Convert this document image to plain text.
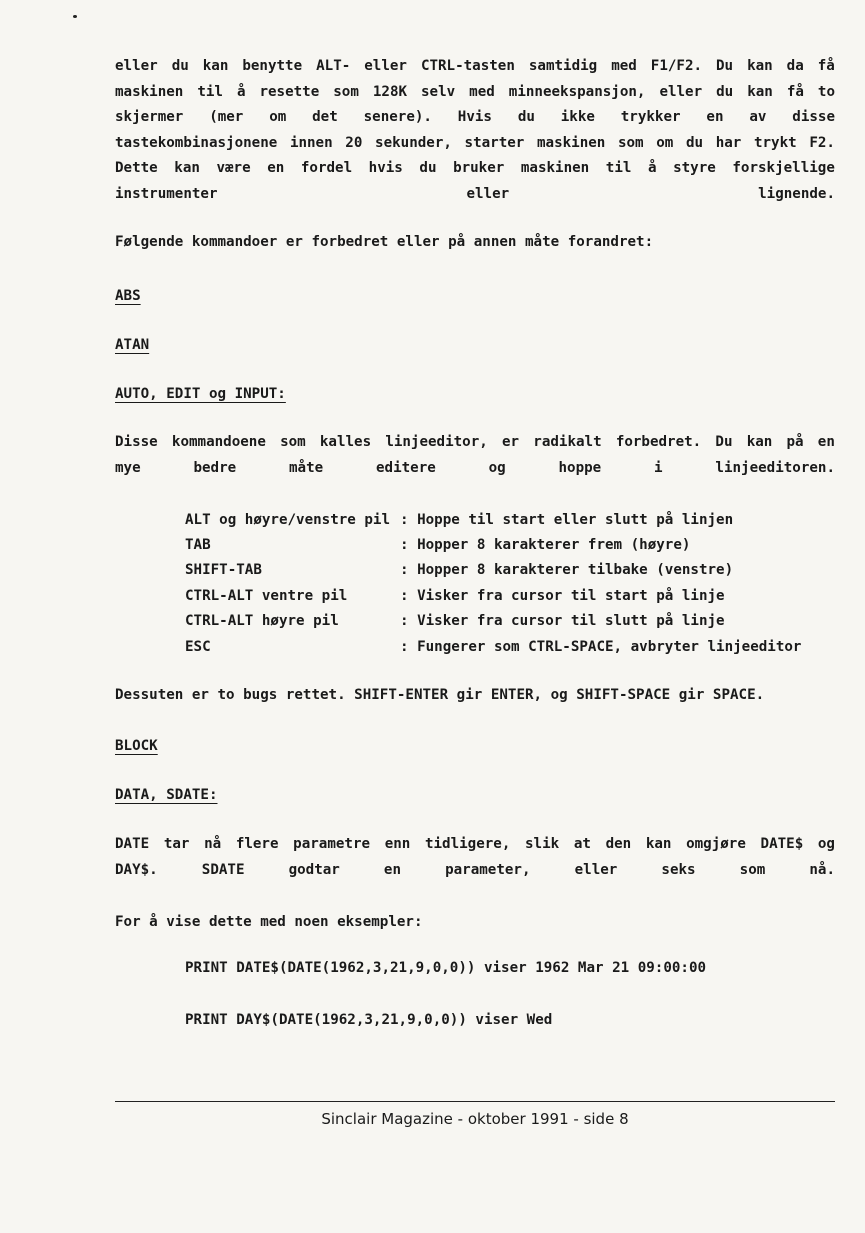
eller du kan benytte ALT- eller CTRL-tasten samtidig med F1/F2. Du kan da få
maskinen til å resette som 128K selv med minneekspansjon, eller du kan få to
skjermer (mer om det senere). Hvis du ikke trykker en av disse
tastekombinasjonene innen 20 sekunder, starter maskinen som om du har trykt F2.
Dette kan være en fordel hvis du bruker maskinen til å styre forskjellige
instrumenter eller lignende.

Følgende kommandoer er forbedret eller på annen måte forandret:

ABS

ATAN

AUTO, EDIT og INPUT:

Disse kommandoene som kalles linjeeditor, er radikalt forbedret. Du kan på en
mye bedre måte editere og hoppe i linjeeditoren.
ALT og høyre/venstre pil	: Hoppe til start eller slutt på linjen
TAB	: Hopper 8 karakterer frem (høyre)
SHIFT-TAB	: Hopper 8 karakterer tilbake (venstre)
CTRL-ALT ventre pil	: Visker fra cursor til start på linje
CTRL-ALT høyre pil	: Visker fra cursor til slutt på linje
ESC	: Fungerer som CTRL-SPACE, avbryter linjeeditor

Dessuten er to bugs rettet. SHIFT-ENTER gir ENTER, og SHIFT-SPACE gir SPACE.

BLOCK

DATA, SDATE:

DATE tar nå flere parametre enn tidligere, slik at den kan omgjøre DATE$ og
DAY$. SDATE godtar en parameter, eller seks som nå.

For å vise dette med noen eksempler:

PRINT DATE$(DATE(1962,3,21,9,0,0)) viser 1962 Mar 21 09:00:00

PRINT DAY$(DATE(1962,3,21,9,0,0)) viser Wed

Sinclair Magazine - oktober 1991 - side 8
